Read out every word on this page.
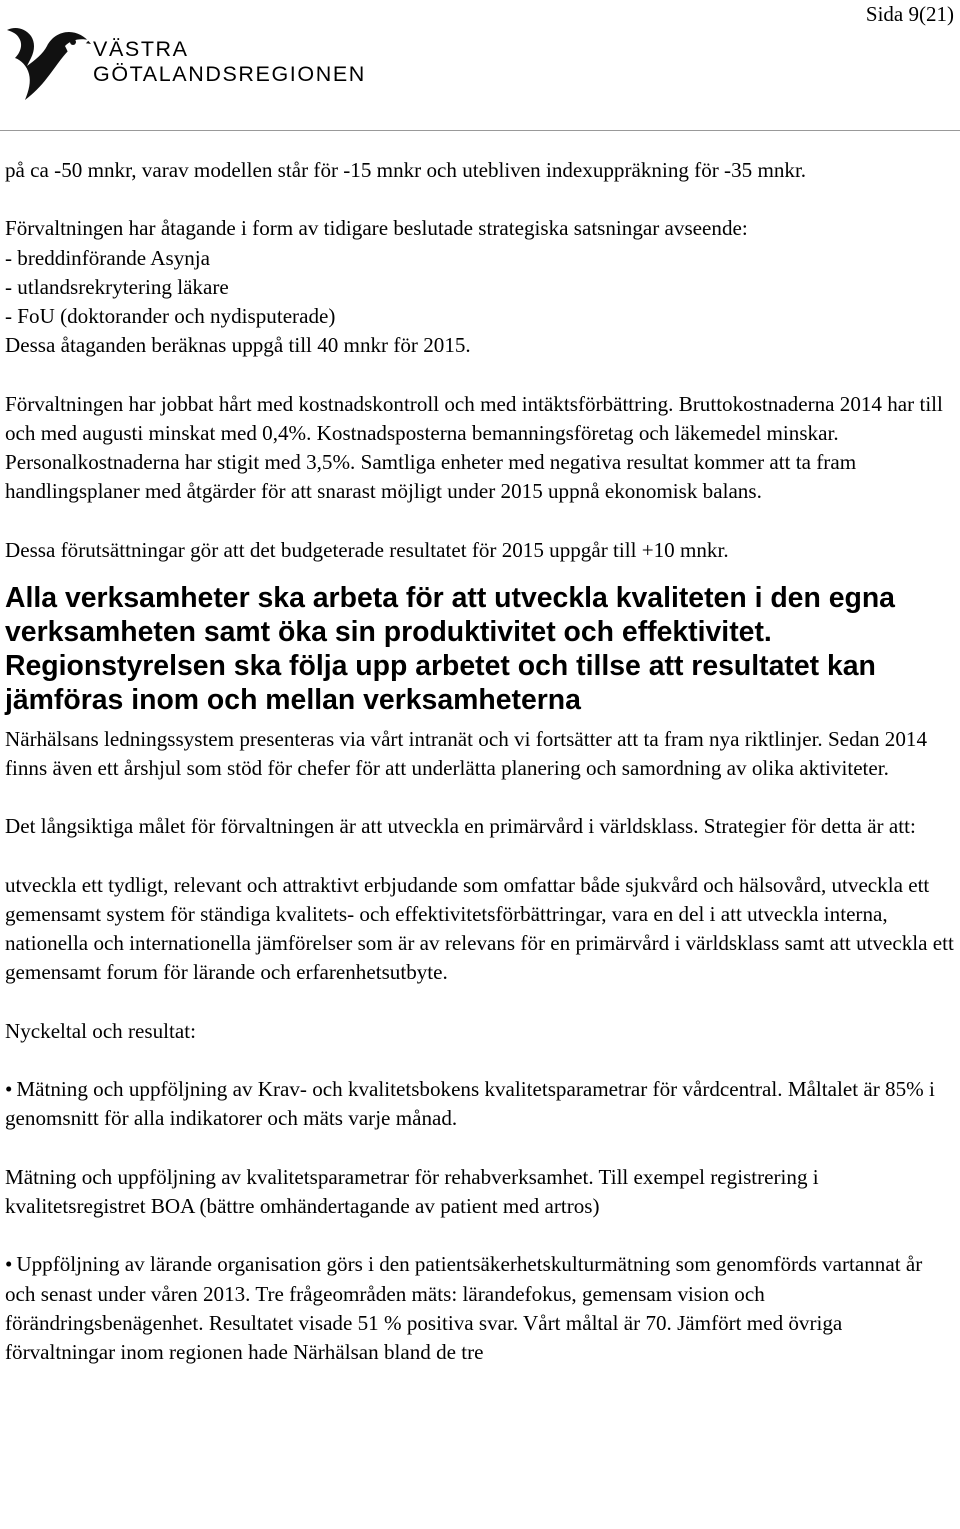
Sida 9(21)
VÄSTRA
GÖTALANDSREGIONEN

på ca -50 mnkr, varav modellen står för -15 mnkr och utebliven indexuppräkning för -35 mnkr.

Förvaltningen har åtagande i form av tidigare beslutade strategiska satsningar avseende:

- breddinförande Asynja

- utlandsrekrytering läkare

- FoU (doktorander och nydisputerade)

Dessa åtaganden beräknas uppgå till 40 mnkr för 2015.

Förvaltningen har jobbat hårt med kostnadskontroll och med intäktsförbättring. Bruttokostnaderna 2014 har till och med augusti minskat med 0,4%. Kostnadsposterna bemanningsföretag och läkemedel minskar. Personalkostnaderna har stigit med 3,5%. Samtliga enheter med negativa resultat kommer att ta fram handlingsplaner med åtgärder för att snarast möjligt under 2015 uppnå ekonomisk balans.

Dessa förutsättningar gör att det budgeterade resultatet för 2015 uppgår till +10 mnkr.

Alla verksamheter ska arbeta för att utveckla kvaliteten i den egna verksamheten samt öka sin produktivitet och effektivitet.

Regionstyrelsen ska följa upp arbetet och tillse att resultatet kan jämföras inom och mellan verksamheterna

Närhälsans ledningssystem presenteras via vårt intranät och vi fortsätter att ta fram nya riktlinjer. Sedan 2014 finns även ett årshjul som stöd för chefer för att underlätta planering och samordning av olika aktiviteter.

Det långsiktiga målet för förvaltningen är att utveckla en primärvård i världsklass. Strategier för detta är att:

utveckla ett tydligt, relevant och attraktivt erbjudande som omfattar både sjukvård och hälsovård, utveckla ett gemensamt system för ständiga kvalitets- och effektivitetsförbättringar, vara en del i att utveckla interna, nationella och internationella jämförelser som är av relevans för en primärvård i världsklass samt att utveckla ett gemensamt forum för lärande och erfarenhetsutbyte.

Nyckeltal och resultat:

• Mätning och uppföljning av Krav- och kvalitetsbokens kvalitetsparametrar för vårdcentral. Måltalet är 85% i genomsnitt för alla indikatorer och mäts varje månad.

Mätning och uppföljning av kvalitetsparametrar för rehabverksamhet. Till exempel registrering i kvalitetsregistret BOA (bättre omhändertagande av patient med artros)

• Uppföljning av lärande organisation görs i den patientsäkerhetskulturmätning som genomförds vartannat år och senast under våren 2013. Tre frågeområden mäts: lärandefokus, gemensam vision och förändringsbenägenhet. Resultatet visade 51 % positiva svar. Vårt måltal är 70. Jämfört med övriga förvaltningar inom regionen hade Närhälsan bland de tre
